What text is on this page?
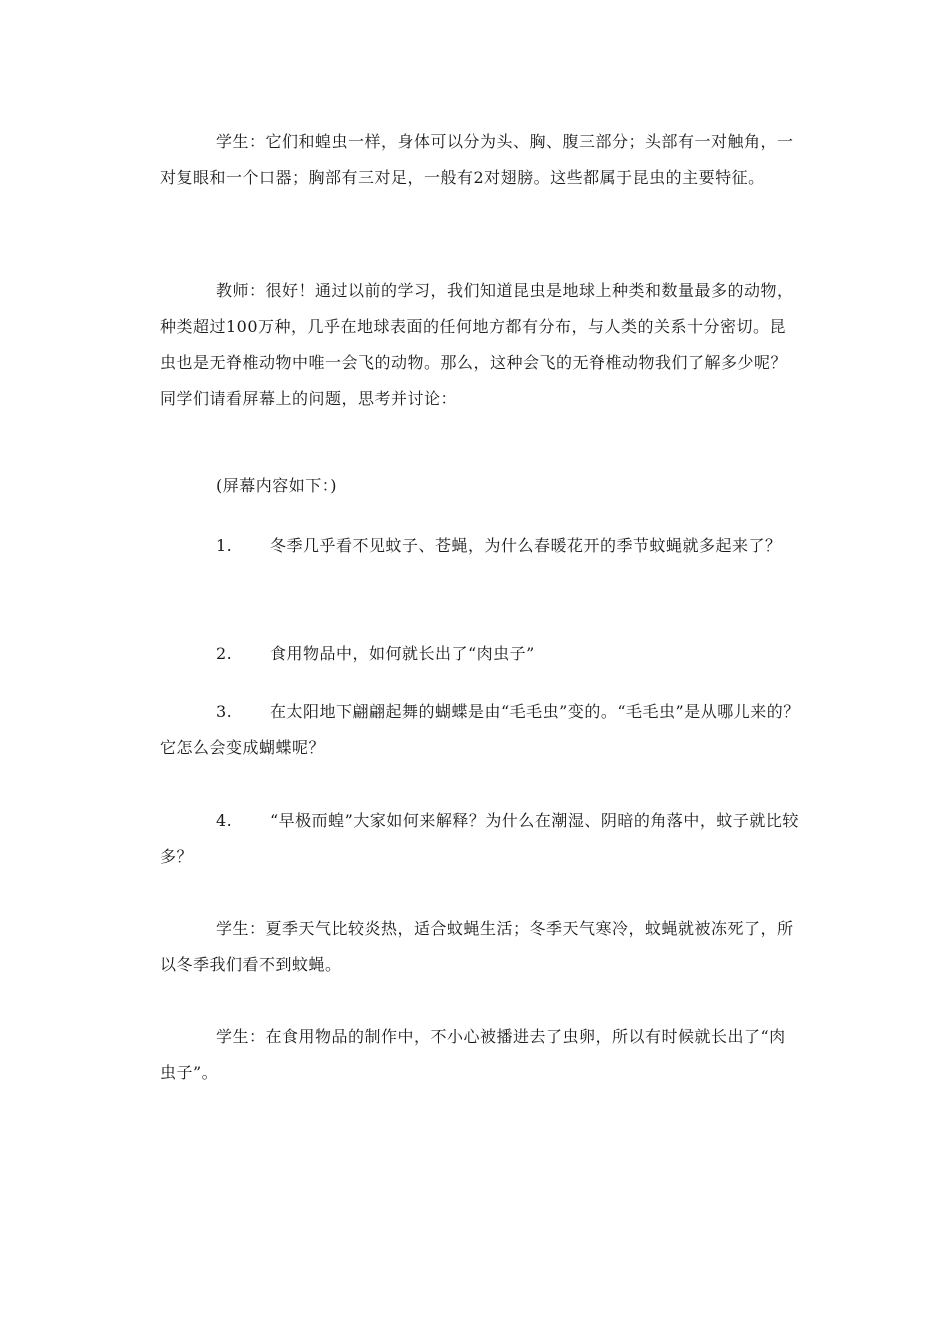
学生：它们和蝗虫一样，身体可以分为头、胸、腹三部分；头部有一对触角，一对复眼和一个口器；胸部有三对足，一般有2对翅膀。这些都属于昆虫的主要特征。

教师：很好！通过以前的学习，我们知道昆虫是地球上种类和数量最多的动物，种类超过100万种，几乎在地球表面的任何地方都有分布，与人类的关系十分密切。昆虫也是无脊椎动物中唯一会飞的动物。那么，这种会飞的无脊椎动物我们了解多少呢？同学们请看屏幕上的问题，思考并讨论：

(屏幕内容如下：)

1. 冬季几乎看不见蚊子、苍蝇，为什么春暖花开的季节蚊蝇就多起来了？

2. 食用物品中，如何就长出了“肉虫子”

3. 在太阳地下翩翩起舞的蝴蝶是由“毛毛虫”变的。“毛毛虫”是从哪儿来的？它怎么会变成蝴蝶呢？

4. “早极而蝗”大家如何来解释？为什么在潮湿、阴暗的角落中，蚊子就比较多？

学生：夏季天气比较炎热，适合蚊蝇生活；冬季天气寒冷，蚊蝇就被冻死了，所以冬季我们看不到蚊蝇。

学生：在食用物品的制作中，不小心被播进去了虫卵，所以有时候就长出了“肉虫子”。
